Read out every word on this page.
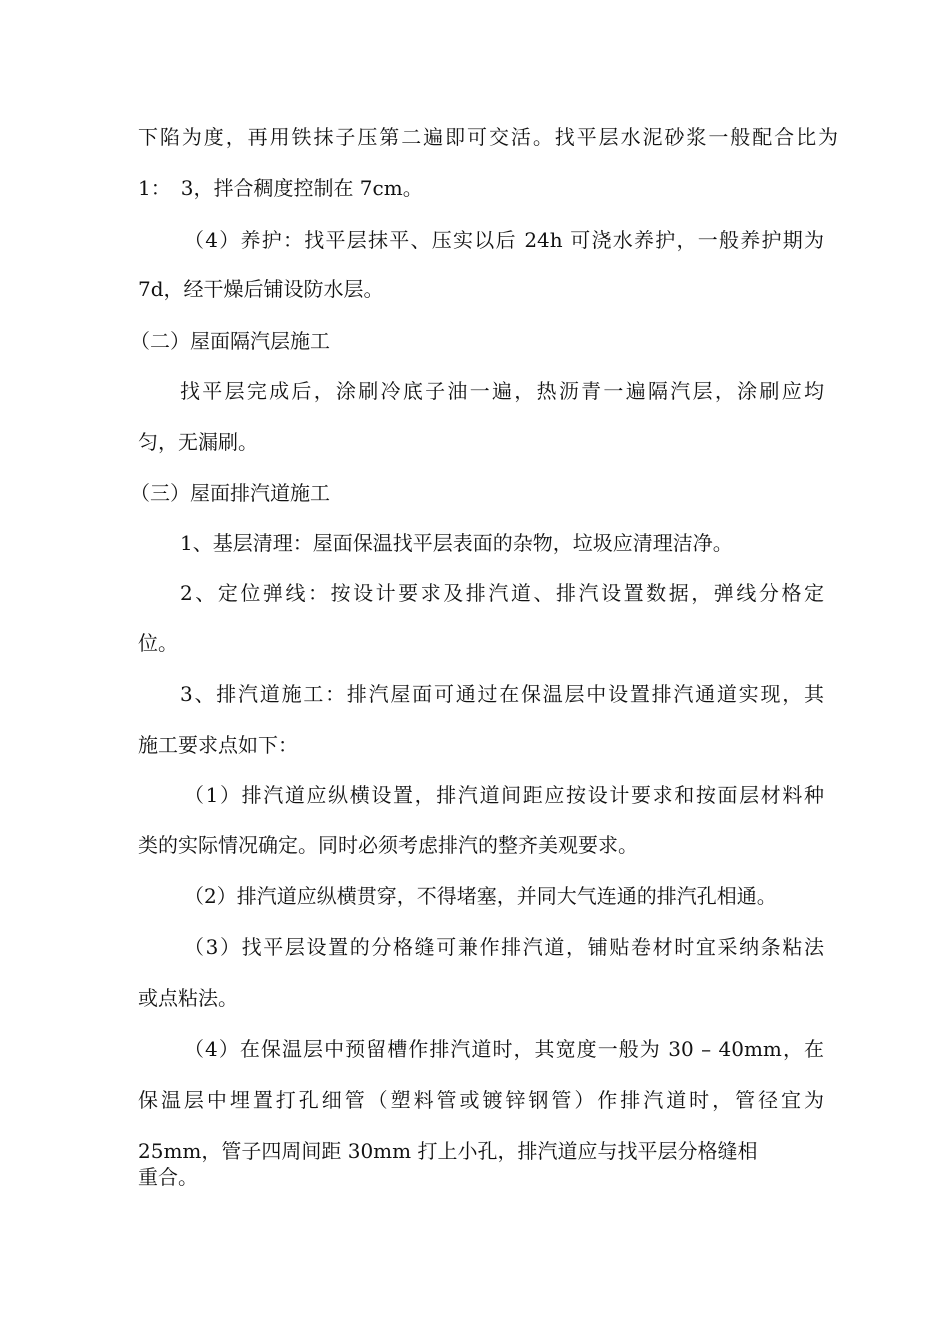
下陷为度，再用铁抹子压第二遍即可交活。找平层水泥砂浆一般配合比为
1：　3，拌合稠度控制在 7cm。
（4）养护：找平层抹平、压实以后 24h 可浇水养护，一般养护期为
7d，经干燥后铺设防水层。
（二）屋面隔汽层施工
找平层完成后，涂刷冷底子油一遍，热沥青一遍隔汽层，涂刷应均
匀，无漏刷。
（三）屋面排汽道施工
1、基层清理：屋面保温找平层表面的杂物，垃圾应清理洁净。
2、定位弹线：按设计要求及排汽道、排汽设置数据，弹线分格定
位。
3、排汽道施工：排汽屋面可通过在保温层中设置排汽通道实现，其
施工要求点如下：
（1）排汽道应纵横设置，排汽道间距应按设计要求和按面层材料种
类的实际情况确定。同时必须考虑排汽的整齐美观要求。
（2）排汽道应纵横贯穿，不得堵塞，并同大气连通的排汽孔相通。
（3）找平层设置的分格缝可兼作排汽道，铺贴卷材时宜采纳条粘法
或点粘法。
（4）在保温层中预留槽作排汽道时，其宽度一般为 30 – 40mm，在
保温层中埋置打孔细管（塑料管或镀锌钢管）作排汽道时，管径宜为
25mm，管子四周间距 30mm 打上小孔，排汽道应与找平层分格缝相
重合。
